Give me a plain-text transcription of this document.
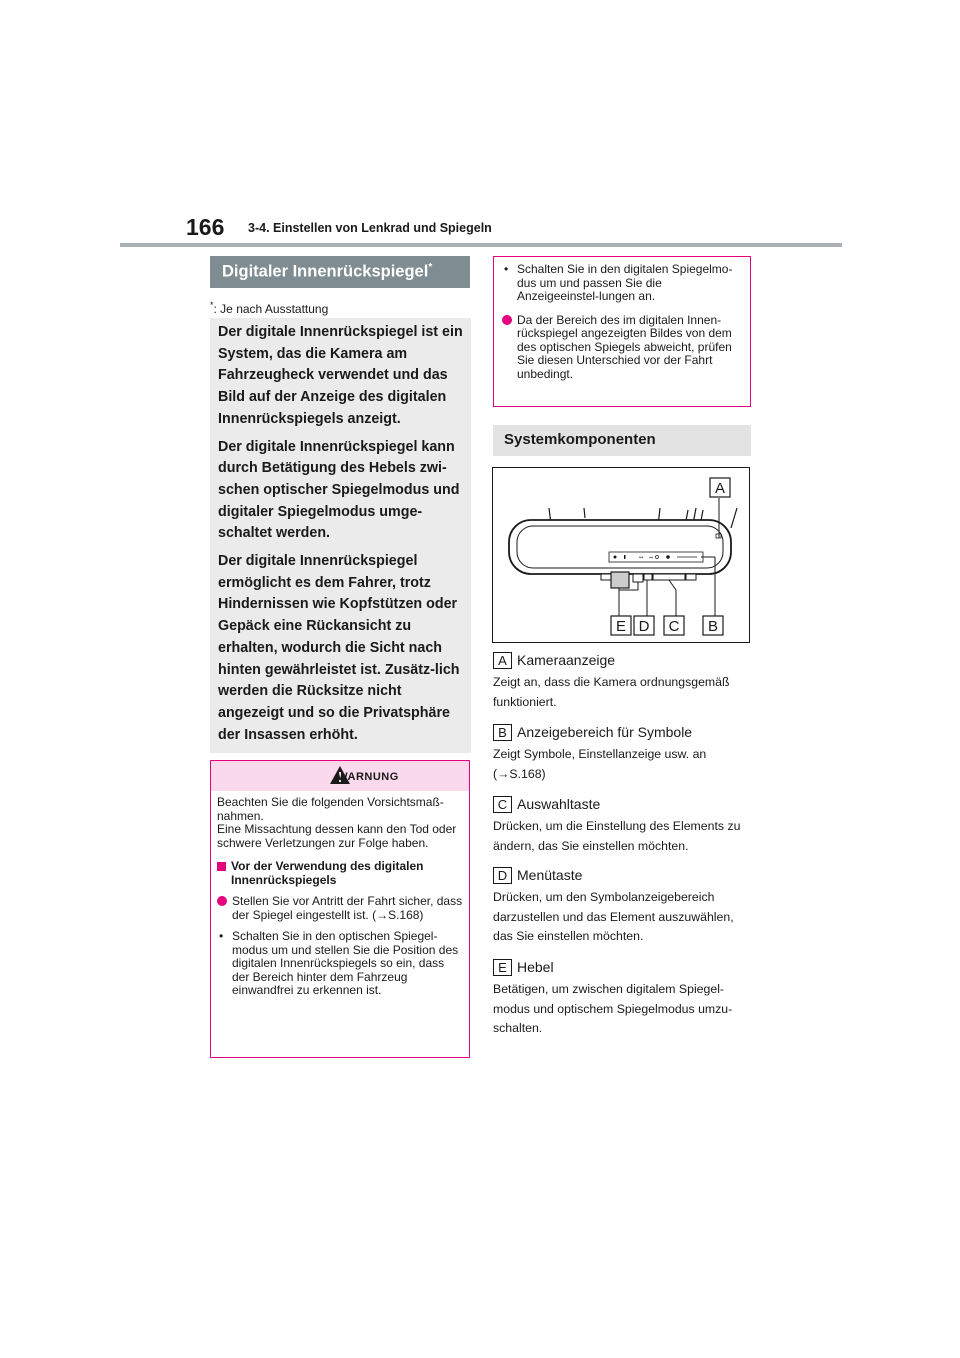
166 3-4. Einstellen von Lenkrad und Spiegeln
Digitaler Innenrückspiegel*
*: Je nach Ausstattung

Der digitale Innenrückspiegel ist ein System, das die Kamera am Fahrzeugheck verwendet und das Bild auf der Anzeige des digitalen Innenrückspiegels anzeigt.

Der digitale Innenrückspiegel kann durch Betätigung des Hebels zwi-schen optischer Spiegelmodus und digitaler Spiegelmodus umge-schaltet werden.

Der digitale Innenrückspiegel ermöglicht es dem Fahrer, trotz Hindernissen wie Kopfstützen oder Gepäck eine Rückansicht zu erhalten, wodurch die Sicht nach hinten gewährleistet ist. Zusätz-lich werden die Rücksitze nicht angezeigt und so die Privatsphäre der Insassen erhöht.

WARNUNG

Beachten Sie die folgenden Vorsichtsmaß-nahmen.
Eine Missachtung dessen kann den Tod oder schwere Verletzungen zur Folge haben.

Vor der Verwendung des digitalen Innenrückspiegels
Stellen Sie vor Antritt der Fahrt sicher, dass der Spiegel eingestellt ist. (→S.168)
• Schalten Sie in den optischen Spiegel-modus um und stellen Sie die Position des digitalen Innenrückspiegels so ein, dass der Bereich hinter dem Fahrzeug einwandfrei zu erkennen ist.
• Schalten Sie in den digitalen Spiegelmo-dus um und passen Sie die Anzeigeeinstel-lungen an.
Da der Bereich des im digitalen Innen-rückspiegel angezeigten Bildes von dem des optischen Spiegels abweicht, prüfen Sie diesen Unterschied vor der Fahrt unbedingt.
Systemkomponenten
↔ ⇔
A
E D C B
A Kameraanzeige
Zeigt an, dass die Kamera ordnungsgemäß funktioniert.
B Anzeigebereich für Symbole
Zeigt Symbole, Einstellanzeige usw. an (→S.168)
C Auswahltaste
Drücken, um die Einstellung des Elements zu ändern, das Sie einstellen möchten.
D Menütaste
Drücken, um den Symbolanzeigebereich darzustellen und das Element auszuwählen, das Sie einstellen möchten.
E Hebel
Betätigen, um zwischen digitalem Spiegel-modus und optischem Spiegelmodus umzu-schalten.
